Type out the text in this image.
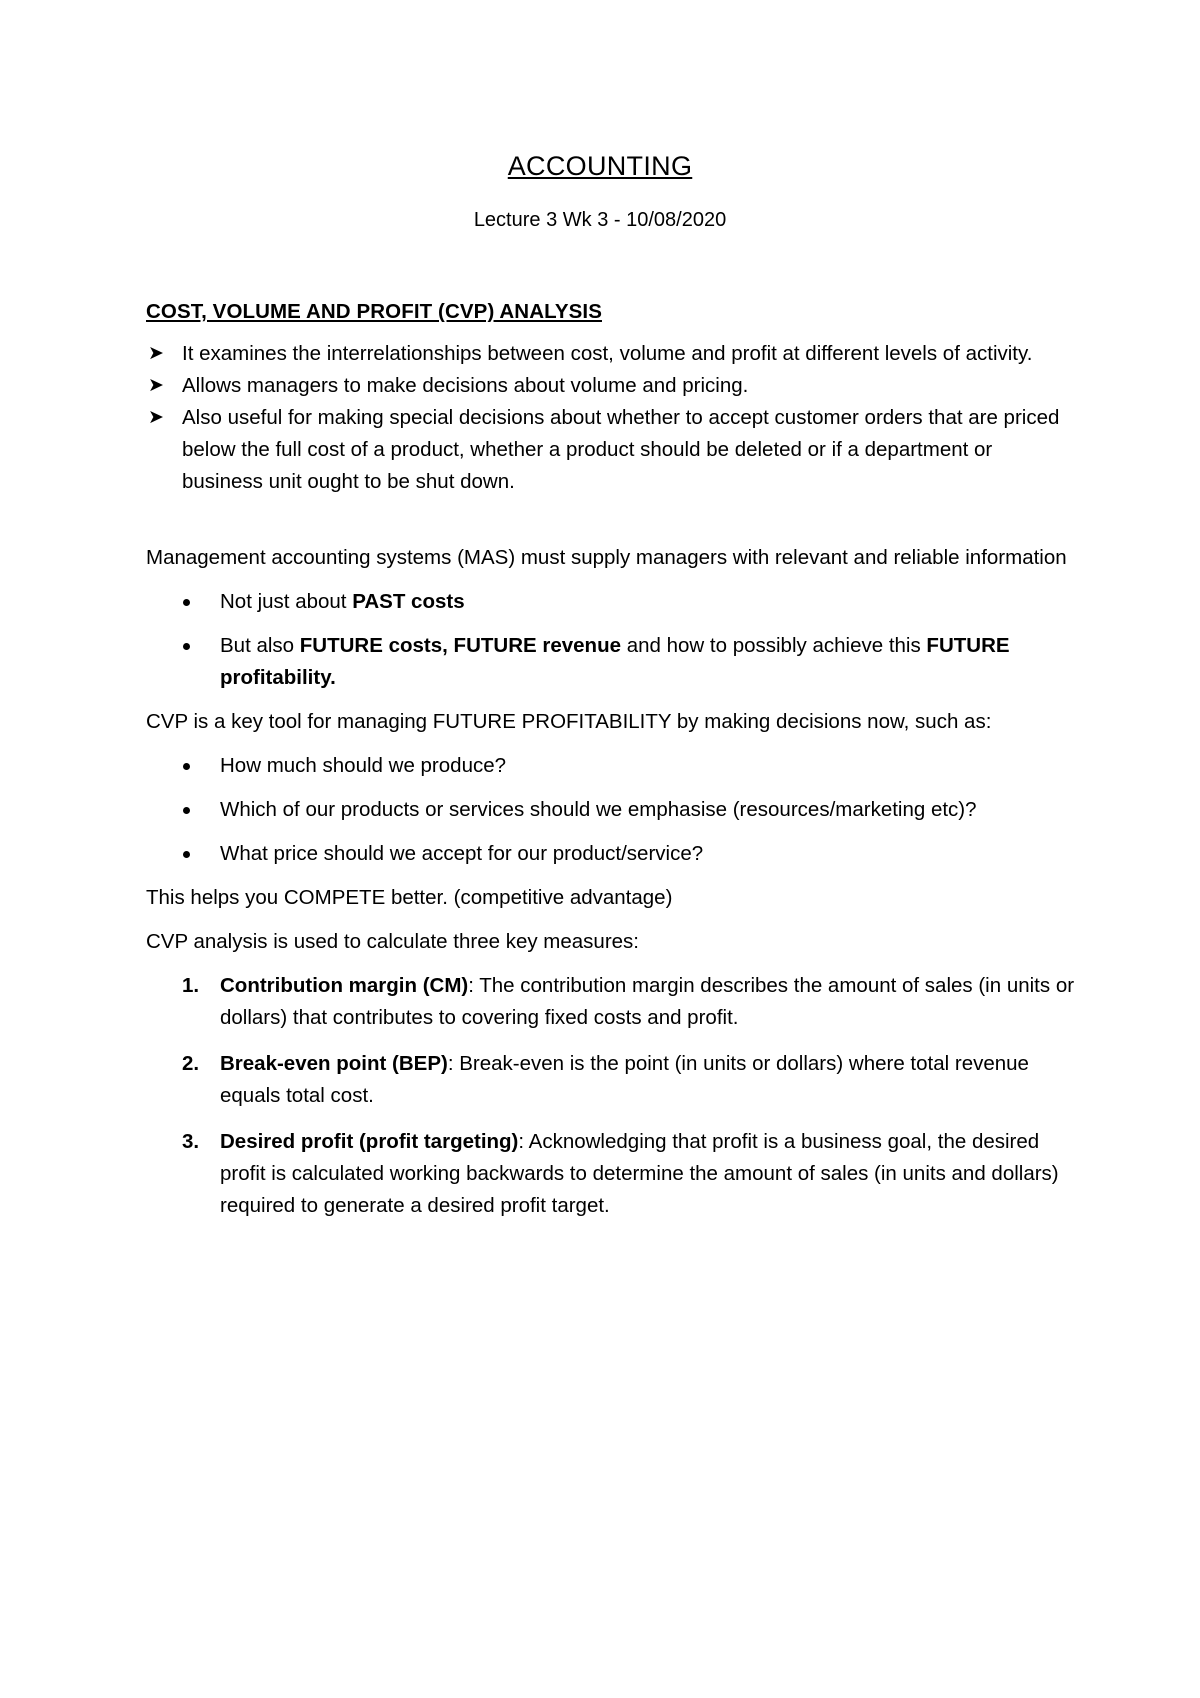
ACCOUNTING
Lecture 3 Wk 3 - 10/08/2020
COST, VOLUME AND PROFIT (CVP) ANALYSIS
➤ It examines the interrelationships between cost, volume and profit at different levels of activity.
➤ Allows managers to make decisions about volume and pricing.
➤ Also useful for making special decisions about whether to accept customer orders that are priced below the full cost of a product, whether a product should be deleted or if a department or business unit ought to be shut down.

Management accounting systems (MAS) must supply managers with relevant and reliable information

Not just about PAST costs
But also FUTURE costs, FUTURE revenue and how to possibly achieve this FUTURE profitability.

CVP is a key tool for managing FUTURE PROFITABILITY by making decisions now, such as:

How much should we produce?
Which of our products or services should we emphasise (resources/marketing etc)?
What price should we accept for our product/service?

This helps you COMPETE better. (competitive advantage)

CVP analysis is used to calculate three key measures:

1. Contribution margin (CM): The contribution margin describes the amount of sales (in units or dollars) that contributes to covering fixed costs and profit.
2. Break-even point (BEP): Break-even is the point (in units or dollars) where total revenue equals total cost.
3. Desired profit (profit targeting): Acknowledging that profit is a business goal, the desired profit is calculated working backwards to determine the amount of sales (in units and dollars) required to generate a desired profit target.
